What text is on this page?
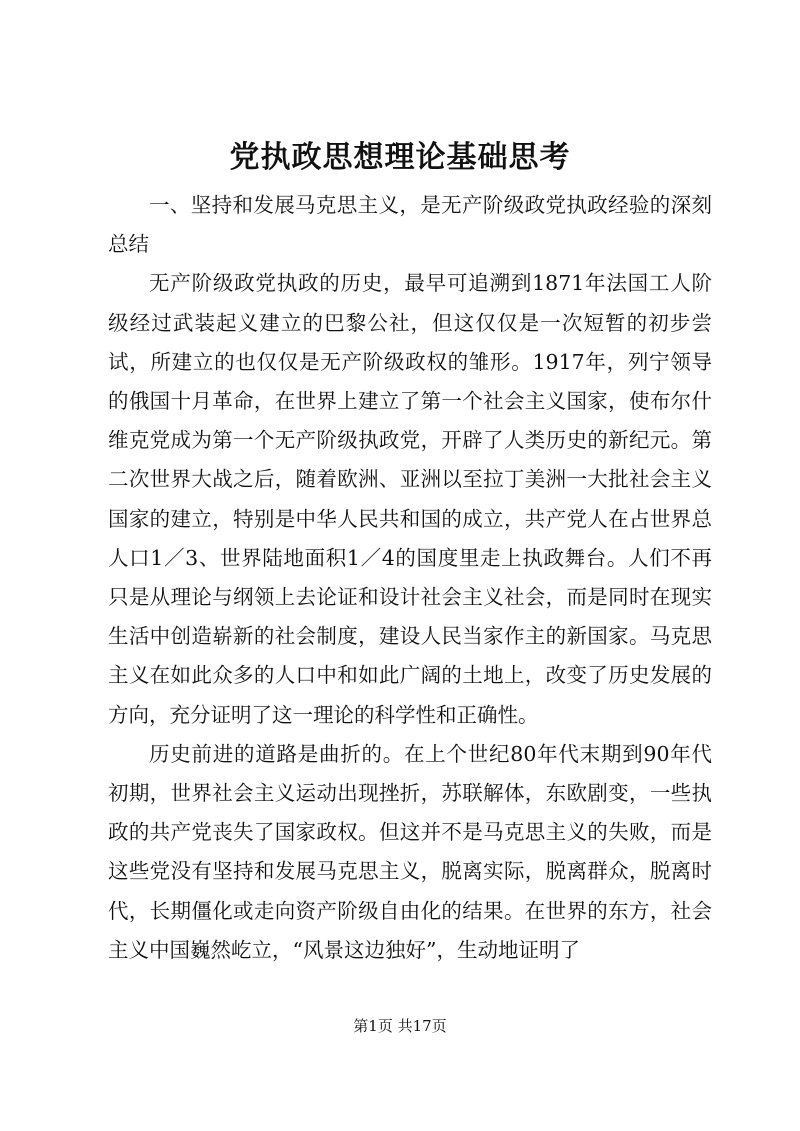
党执政思想理论基础思考

一、坚持和发展马克思主义，是无产阶级政党执政经验的深刻总结

无产阶级政党执政的历史，最早可追溯到1871年法国工人阶级经过武装起义建立的巴黎公社，但这仅仅是一次短暂的初步尝试，所建立的也仅仅是无产阶级政权的雏形。1917年，列宁领导的俄国十月革命，在世界上建立了第一个社会主义国家，使布尔什维克党成为第一个无产阶级执政党，开辟了人类历史的新纪元。第二次世界大战之后，随着欧洲、亚洲以至拉丁美洲一大批社会主义国家的建立，特别是中华人民共和国的成立，共产党人在占世界总人口1／3、世界陆地面积1／4的国度里走上执政舞台。人们不再只是从理论与纲领上去论证和设计社会主义社会，而是同时在现实生活中创造崭新的社会制度，建设人民当家作主的新国家。马克思主义在如此众多的人口中和如此广阔的土地上，改变了历史发展的方向，充分证明了这一理论的科学性和正确性。

历史前进的道路是曲折的。在上个世纪80年代末期到90年代初期，世界社会主义运动出现挫折，苏联解体，东欧剧变，一些执政的共产党丧失了国家政权。但这并不是马克思主义的失败，而是这些党没有坚持和发展马克思主义，脱离实际，脱离群众，脱离时代，长期僵化或走向资产阶级自由化的结果。在世界的东方，社会主义中国巍然屹立，“风景这边独好”，生动地证明了

第1页 共17页
